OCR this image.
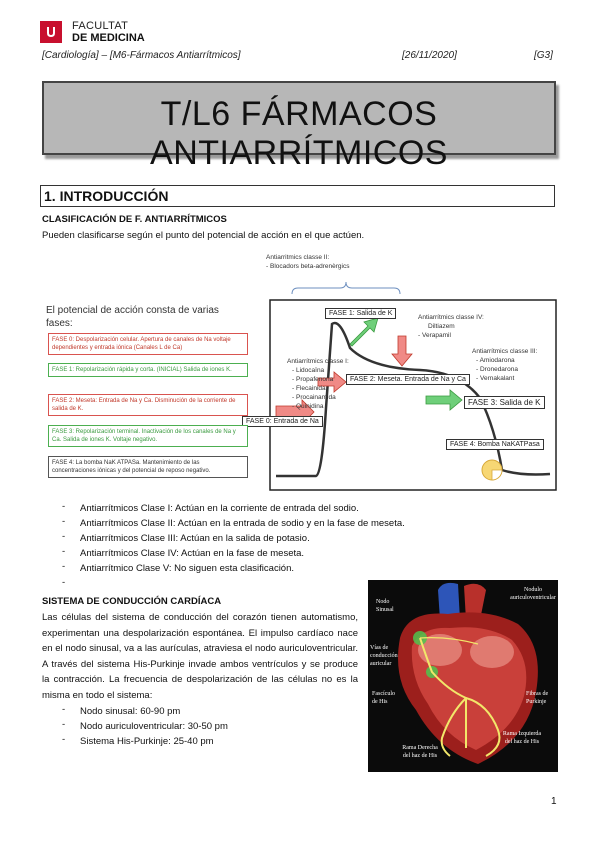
FACULTAT
DE MEDICINA
[Cardiología] – [M6-Fármacos Antiarrítmicos]	[26/11/2020]	[G3]
T/L6 FÁRMACOS ANTIARRÍTMICOS
1. INTRODUCCIÓN
CLASIFICACIÓN DE F. ANTIARRÍTMICOS
Pueden clasificarse según el punto del potencial de acción en el que actúen.
Antiarritmics classe II:
- Blocadors beta-adrenèrgics
FASE 1: Salida de K
FASE 2: Meseta. Entrada de Na y Ca
FASE 3: Salida de K
FASE 0: Entrada de Na
FASE 4: Bomba NaKATPasa
Antiarrítmics classe IV:
Diltiazem
- Verapamil
Antiarrítmics classe I:
- Lidocaïna
- Propafenona
- Flecainida
- Procainamida
- Quinidina
Antiarrítmics classe III:
- Amiodarona
- Dronedarona
- Vernakalant
El potencial de acción consta de varias fases:
FASE 0: Despolarización celular. Apertura de canales de Na voltaje dependientes y entrada iónica (Canales L de Ca)
FASE 1: Repolarización rápida y corta. (INICIAL) Salida de iones K.
FASE 2: Meseta: Entrada de Na y Ca. Disminución de la corriente de salida de K.
FASE 3: Repolarización terminal. Inactivación de los canales de Na y Ca. Salida de iones K. Voltaje negativo.
FASE 4: La bomba NaK ATPASa. Mantenimiento de las concentraciones iónicas y del potencial de reposo negativo.
- Antiarrítmicos Clase I: Actúan en la corriente de entrada del sodio.
- Antiarrítmicos Clase II: Actúan en la entrada de sodio y en la fase de meseta.
- Antiarrítmicos Clase III: Actúan en la salida de potasio.
- Antiarrítmicos Clase IV: Actúan en la fase de meseta.
- Antiarrítmico Clase V: No siguen esta clasificación.
-
SISTEMA DE CONDUCCIÓN CARDÍACA
Las células del sistema de conducción del corazón tienen automatismo, experimentan una despolarización espontánea. El impulso cardíaco nace en el nodo sinusal, va a las aurículas, atraviesa el nodo auriculoventricular. A través del sistema His-Purkinje invade ambos ventrículos y se produce la contracción. La frecuencia de despolarización de las células no es la misma en todo el sistema:
- Nodo sinusal: 60-90 pm
- Nodo auriculoventricular: 30-50 pm
- Sistema His-Purkinje: 25-40 pm
Nodo Sinusal
Nodulo auriculoventricular
Vías de conducción auricular
Fascículo de His
Fibras de Purkinje
Rama Derecha del haz de His
Rama Izquierda del haz de His
1
